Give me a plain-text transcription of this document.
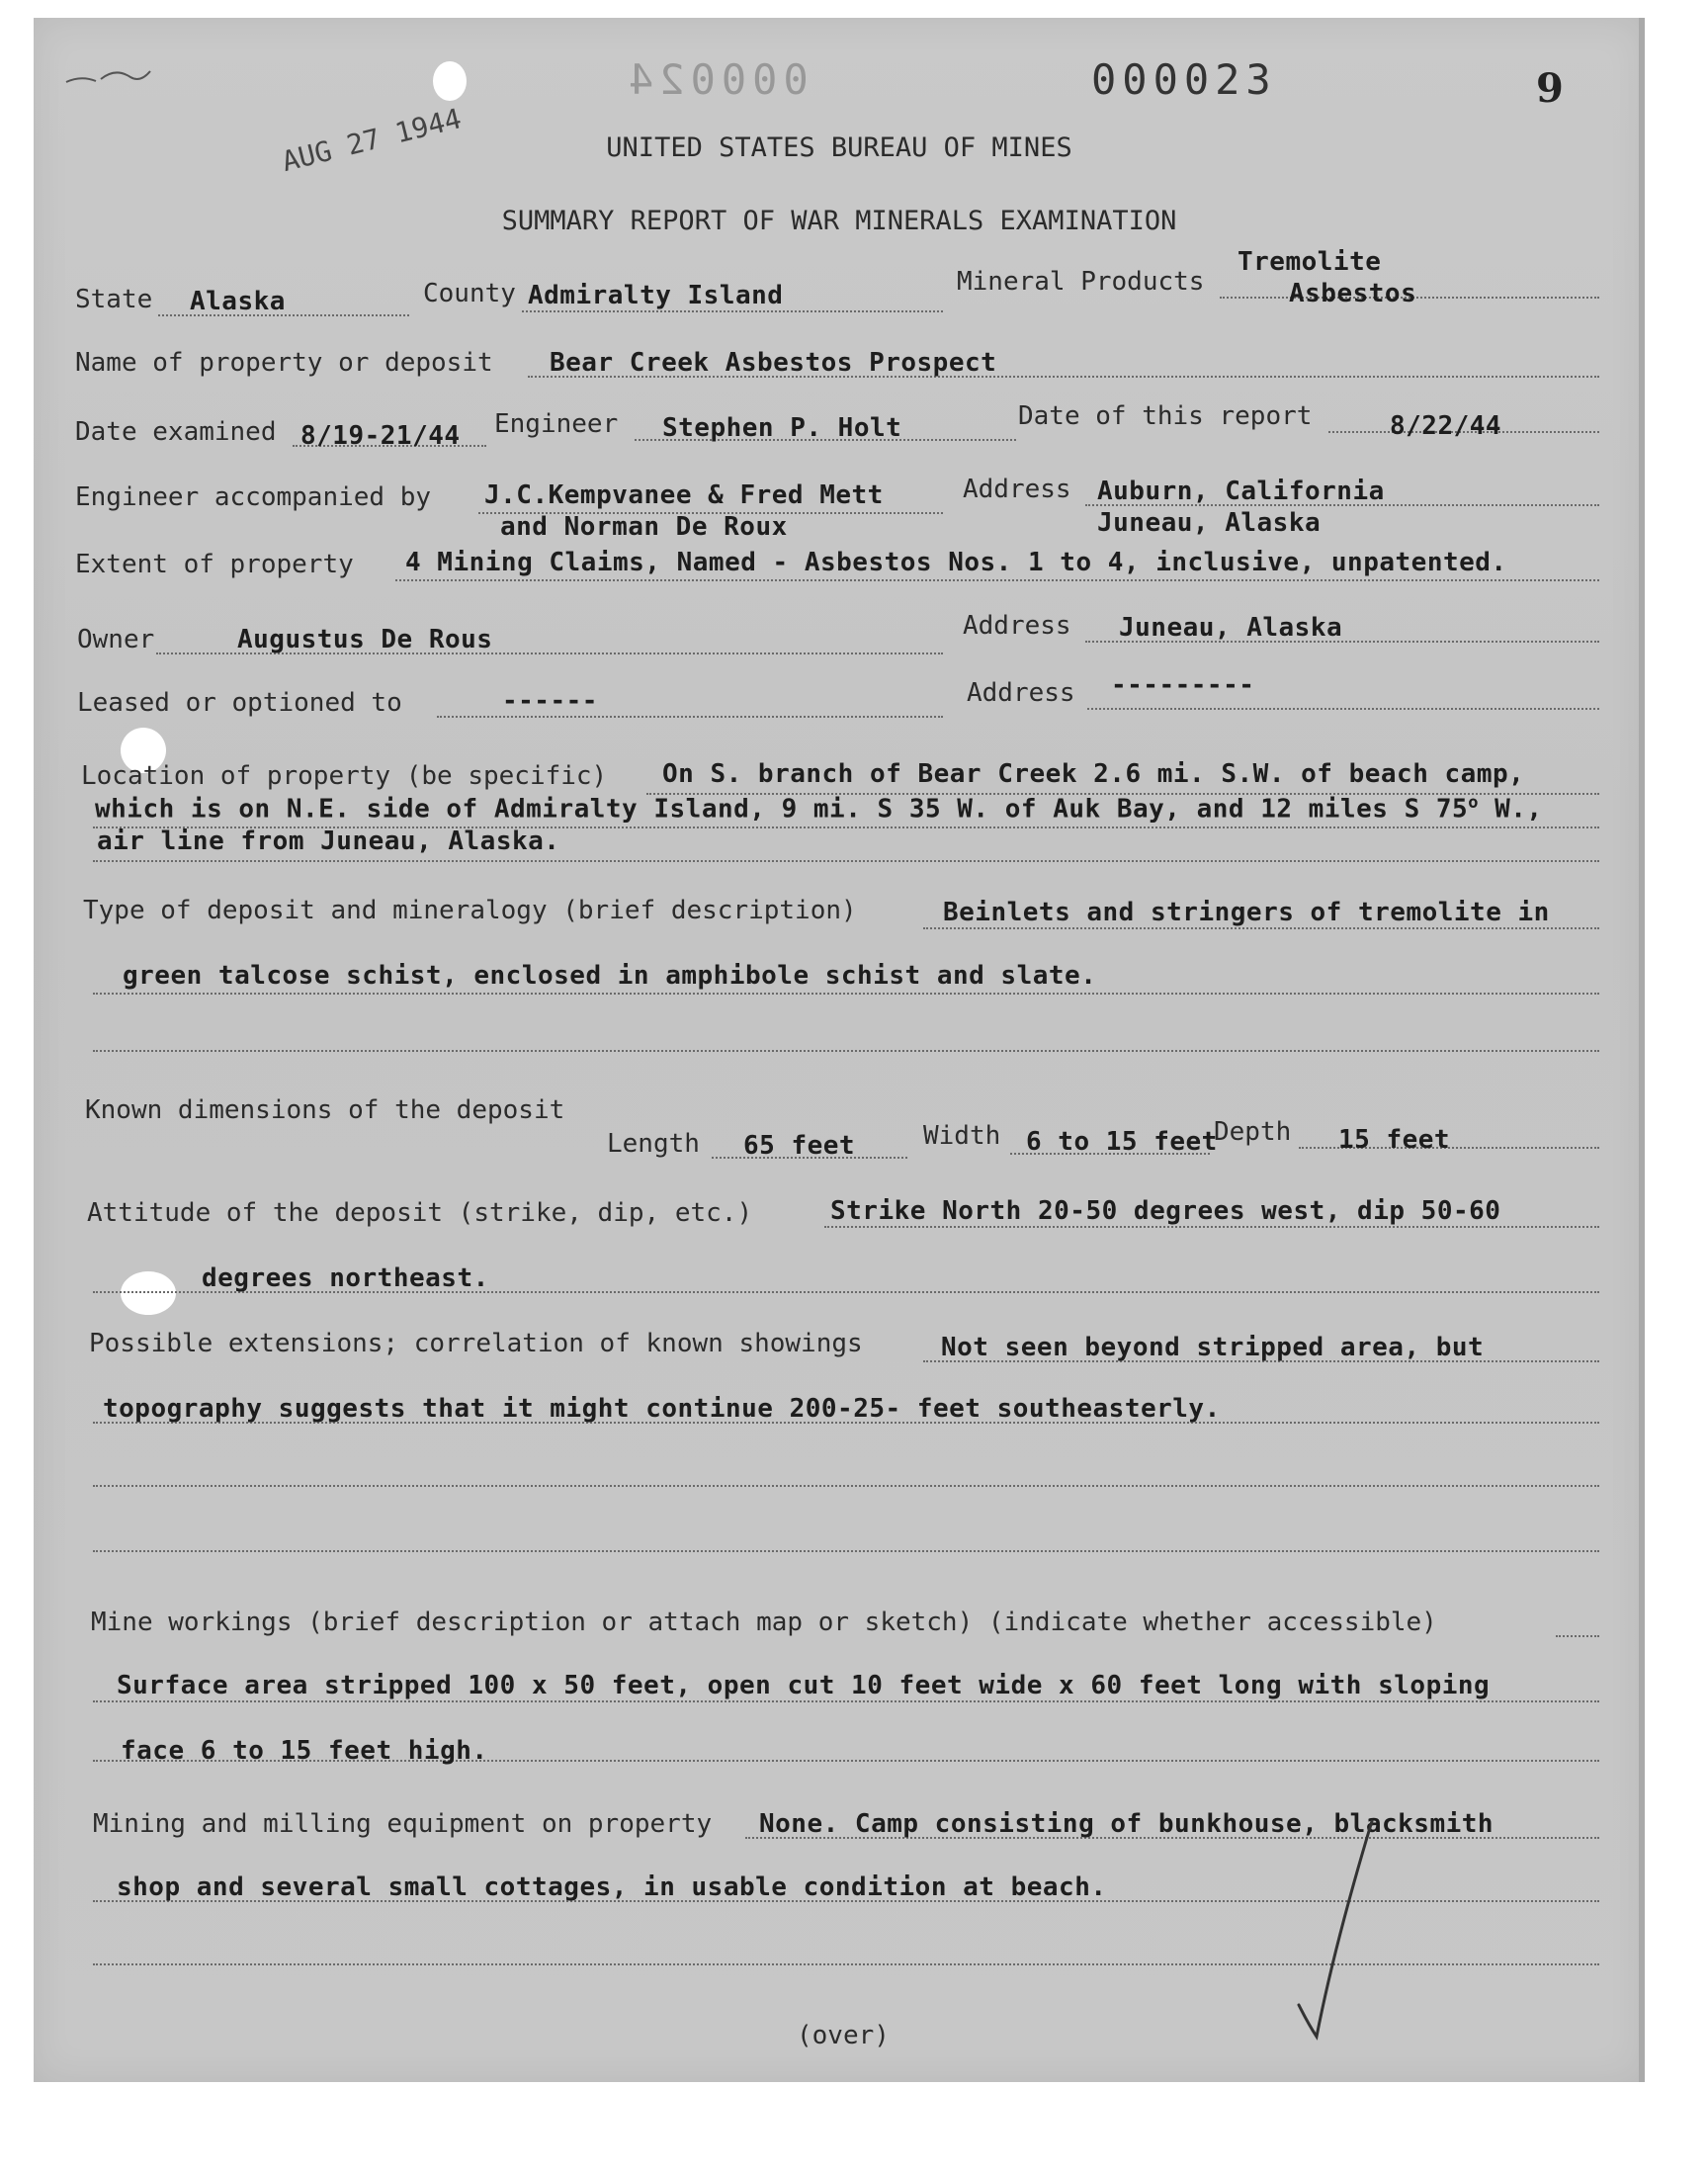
AUG 27 1944
000024	000023	9
UNITED STATES BUREAU OF MINES
SUMMARY REPORT OF WAR MINERALS EXAMINATION
State Alaska	County Admiralty Island	Mineral Products
Tremolite
Asbestos
Name of property or deposit Bear Creek Asbestos Prospect
Date examined 8/19-21/44 Engineer Stephen P. Holt	Date of this report	8/22/44
Engineer accompanied by J.C.Kempvanee & Fred Mett
and Norman De Roux
Address Auburn, California
Juneau, Alaska
Extent of property 4 Mining Claims, Named - Asbestos Nos. 1 to 4, inclusive, unpatented.
Owner	Augustus De Rous	Address Juneau, Alaska
Leased or optioned to	------	Address ---------
Location of property (be specific) On S. branch of Bear Creek 2.6 mi. S.W. of beach camp,
which is on N.E. side of Admiralty Island, 9 mi. S 35 W. of Auk Bay, and 12 miles S 75$^o$ W.,
air line from Juneau, Alaska.
Type of deposit and mineralogy (brief description)	Beinlets and stringers of tremolite in
green talcose schist, enclosed in amphibole schist and slate.
Known dimensions of the deposit
Length 65 feet	Width 6 to 15 feet
Depth 15 feet
Attitude of the deposit (strike, dip, etc.)	Strike North 20-50 degrees west, dip 50-60
degrees northeast.
Possible extensions; correlation of known showings	Not seen beyond stripped area, but
topography suggests that it might continue 200-25- feet southeasterly.
Mine workings (brief description or attach map or sketch) (indicate whether accessible)
Surface area stripped 100 x 50 feet, open cut 10 feet wide x 60 feet long with sloping
face 6 to 15 feet high.
Mining and milling equipment on property None. Camp consisting of bunkhouse, blacksmith
shop and several small cottages, in usable condition at beach.
(over)
